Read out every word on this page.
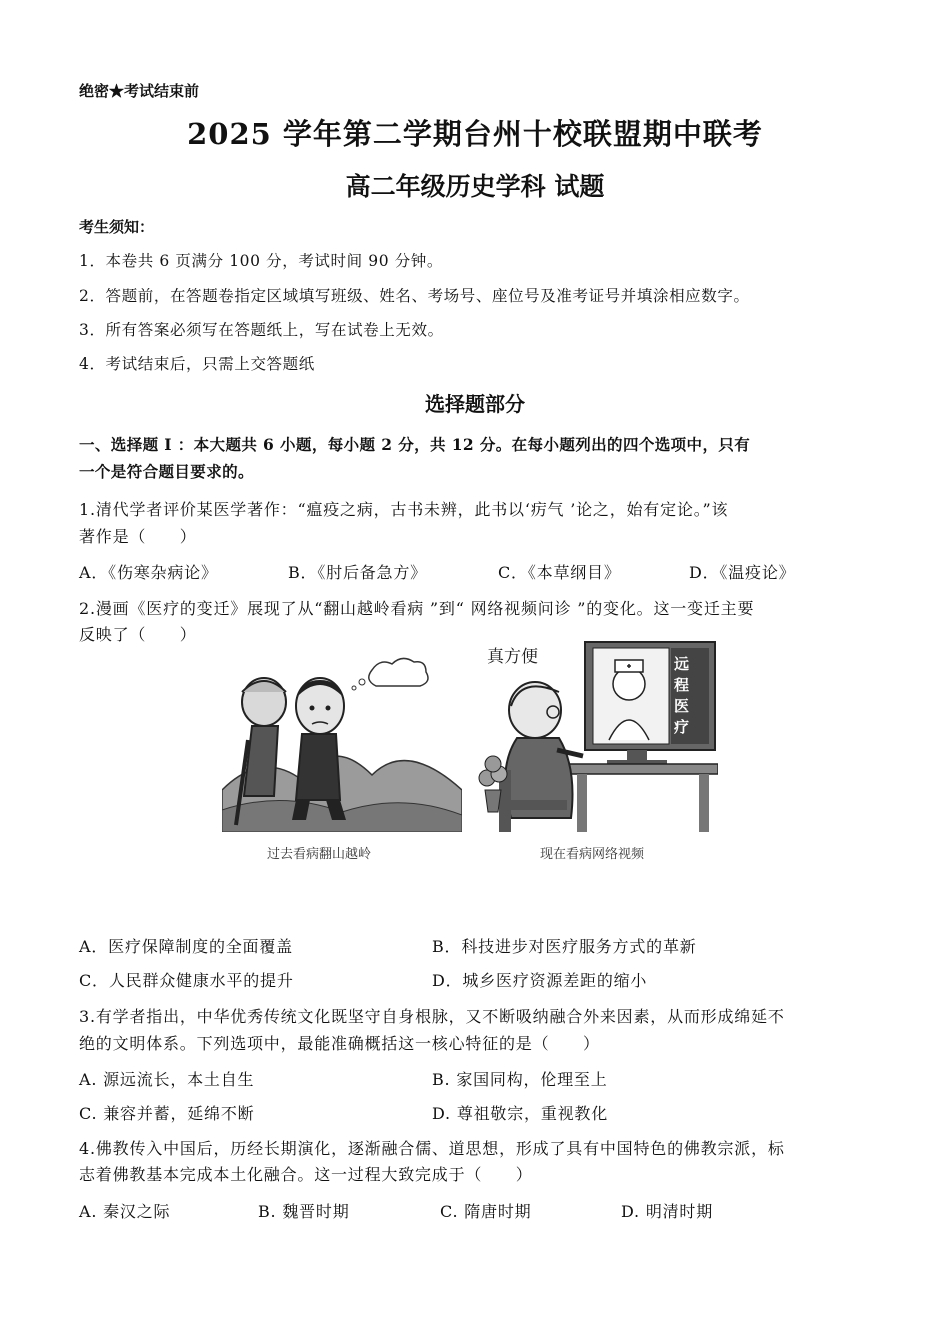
绝密★考试结束前
2025 学年第二学期台州十校联盟期中联考
高二年级历史学科 试题
考生须知：
1．本卷共 6 页满分 100 分，考试时间 90 分钟。
2．答题前，在答题卷指定区域填写班级、姓名、考场号、座位号及准考证号并填涂相应数字。
3．所有答案必须写在答题纸上，写在试卷上无效。
4．考试结束后，只需上交答题纸
选择题部分
一、选择题 Ⅰ ：本大题共 6 小题，每小题 2 分，共 12 分。在每小题列出的四个选项中，只有
一个是符合题目要求的。
1.清代学者评价某医学著作：“瘟疫之病，古书未辨，此书以‘疠气 ’论之，始有定论。”该
著作是（　　）
A．《伤寒杂病论》	B．《肘后备急方》	C．《本草纲目》	D．《温疫论》
2.漫画《医疗的变迁》展现了从“翻山越岭看病 ”到“ 网络视频问诊 ”的变化。这一变迁主要
反映了（　　）
真方便	远程医疗
过去看病翻山越岭	现在看病网络视频
A．医疗保障制度的全面覆盖	B．科技进步对医疗服务方式的革新
C．人民群众健康水平的提升	D．城乡医疗资源差距的缩小
3.有学者指出，中华优秀传统文化既坚守自身根脉，又不断吸纳融合外来因素，从而形成绵延不
绝的文明体系。下列选项中，最能准确概括这一核心特征的是（　　）
A. 源远流长，本土自生	B. 家国同构，伦理至上
C. 兼容并蓄，延绵不断	D. 尊祖敬宗，重视教化
4.佛教传入中国后，历经长期演化，逐渐融合儒、道思想，形成了具有中国特色的佛教宗派，标
志着佛教基本完成本土化融合。这一过程大致完成于（　　）
A. 秦汉之际	B. 魏晋时期	C. 隋唐时期	D. 明清时期
